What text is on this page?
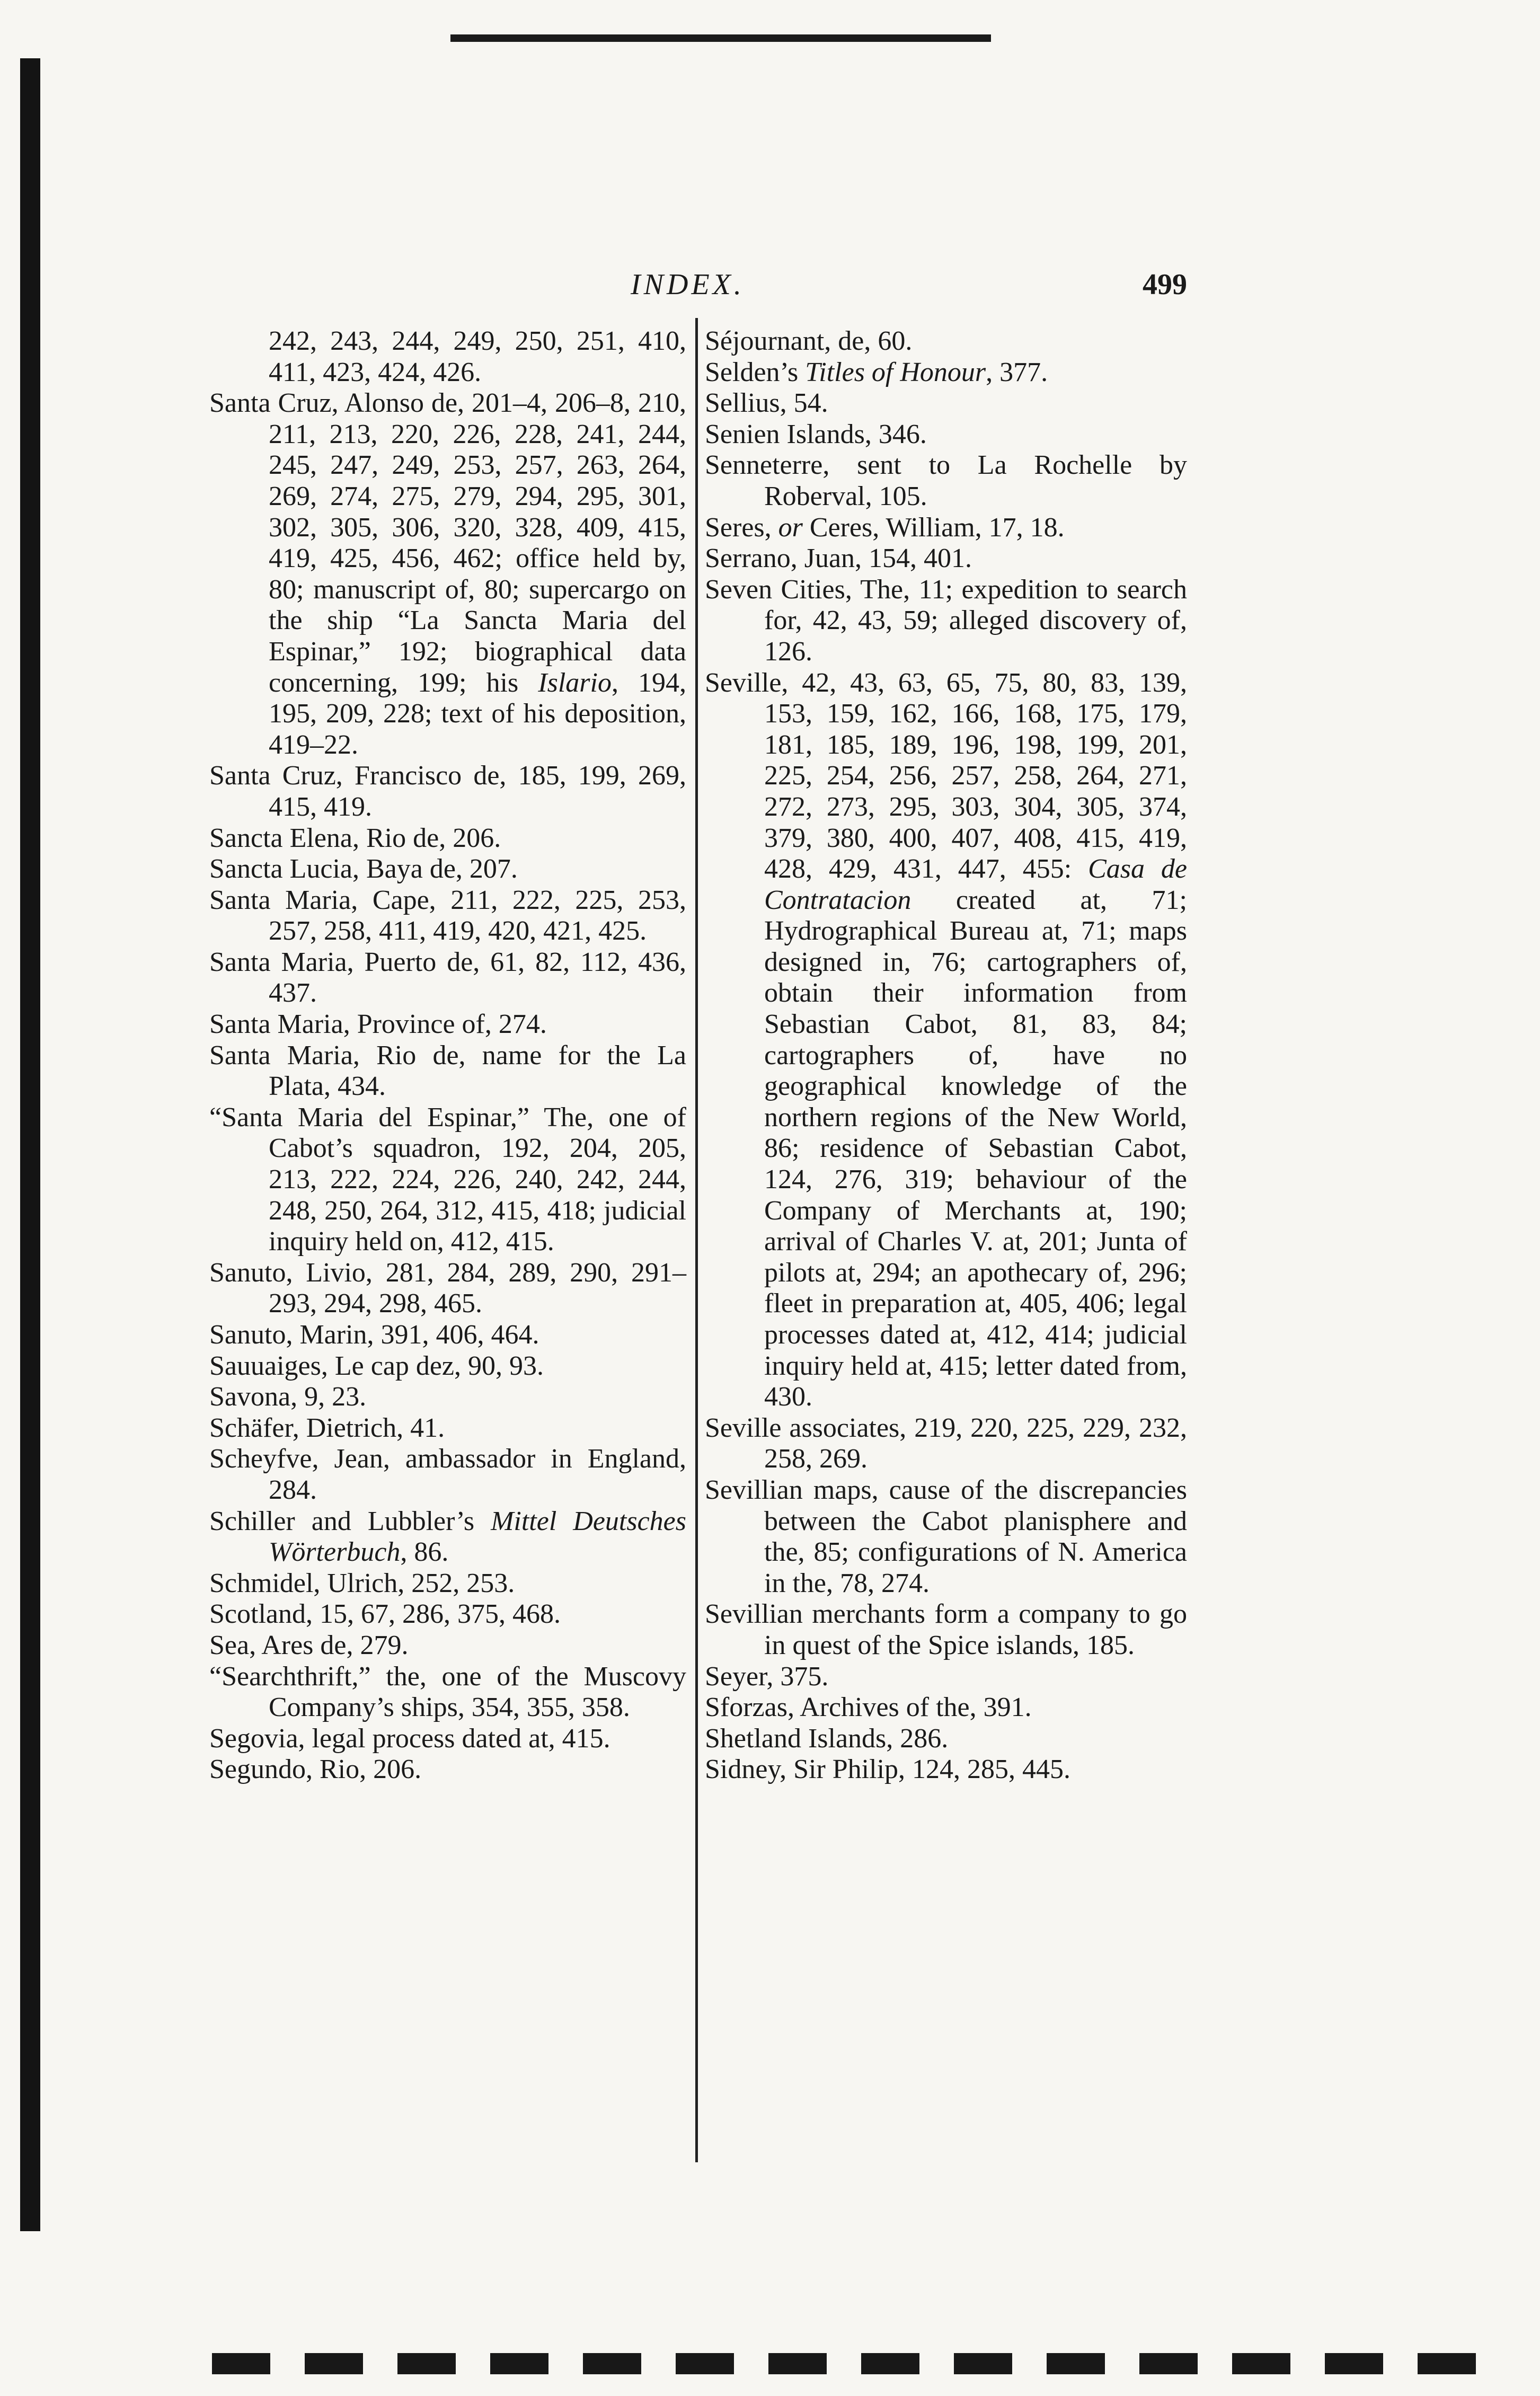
INDEX.	499

242, 243, 244, 249, 250, 251, 410, 411, 423, 424, 426.

Santa Cruz, Alonso de, 201–4, 206–8, 210, 211, 213, 220, 226, 228, 241, 244, 245, 247, 249, 253, 257, 263, 264, 269, 274, 275, 279, 294, 295, 301, 302, 305, 306, 320, 328, 409, 415, 419, 425, 456, 462; office held by, 80; manuscript of, 80; supercargo on the ship “La Sancta Maria del Espinar,” 192; biographical data concerning, 199; his Islario, 194, 195, 209, 228; text of his deposition, 419–22.

Santa Cruz, Francisco de, 185, 199, 269, 415, 419.

Sancta Elena, Rio de, 206.

Sancta Lucia, Baya de, 207.

Santa Maria, Cape, 211, 222, 225, 253, 257, 258, 411, 419, 420, 421, 425.

Santa Maria, Puerto de, 61, 82, 112, 436, 437.

Santa Maria, Province of, 274.

Santa Maria, Rio de, name for the La Plata, 434.

“Santa Maria del Espinar,” The, one of Cabot’s squadron, 192, 204, 205, 213, 222, 224, 226, 240, 242, 244, 248, 250, 264, 312, 415, 418; judicial inquiry held on, 412, 415.

Sanuto, Livio, 281, 284, 289, 290, 291–293, 294, 298, 465.

Sanuto, Marin, 391, 406, 464.

Sauuaiges, Le cap dez, 90, 93.

Savona, 9, 23.

Schäfer, Dietrich, 41.

Scheyfve, Jean, ambassador in England, 284.

Schiller and Lubbler’s Mittel Deutsches Wörterbuch, 86.

Schmidel, Ulrich, 252, 253.

Scotland, 15, 67, 286, 375, 468.

Sea, Ares de, 279.

“Searchthrift,” the, one of the Muscovy Company’s ships, 354, 355, 358.

Segovia, legal process dated at, 415.

Segundo, Rio, 206.

Séjournant, de, 60.

Selden’s Titles of Honour, 377.

Sellius, 54.

Senien Islands, 346.

Senneterre, sent to La Rochelle by Roberval, 105.

Seres, or Ceres, William, 17, 18.

Serrano, Juan, 154, 401.

Seven Cities, The, 11; expedition to search for, 42, 43, 59; alleged discovery of, 126.

Seville, 42, 43, 63, 65, 75, 80, 83, 139, 153, 159, 162, 166, 168, 175, 179, 181, 185, 189, 196, 198, 199, 201, 225, 254, 256, 257, 258, 264, 271, 272, 273, 295, 303, 304, 305, 374, 379, 380, 400, 407, 408, 415, 419, 428, 429, 431, 447, 455: Casa de Contratacion created at, 71; Hydrographical Bureau at, 71; maps designed in, 76; cartographers of, obtain their information from Sebastian Cabot, 81, 83, 84; cartographers of, have no geographical knowledge of the northern regions of the New World, 86; residence of Sebastian Cabot, 124, 276, 319; behaviour of the Company of Merchants at, 190; arrival of Charles V. at, 201; Junta of pilots at, 294; an apothecary of, 296; fleet in preparation at, 405, 406; legal processes dated at, 412, 414; judicial inquiry held at, 415; letter dated from, 430.

Seville associates, 219, 220, 225, 229, 232, 258, 269.

Sevillian maps, cause of the discrepancies between the Cabot planisphere and the, 85; configurations of N. America in the, 78, 274.

Sevillian merchants form a company to go in quest of the Spice islands, 185.

Seyer, 375.

Sforzas, Archives of the, 391.

Shetland Islands, 286.

Sidney, Sir Philip, 124, 285, 445.
